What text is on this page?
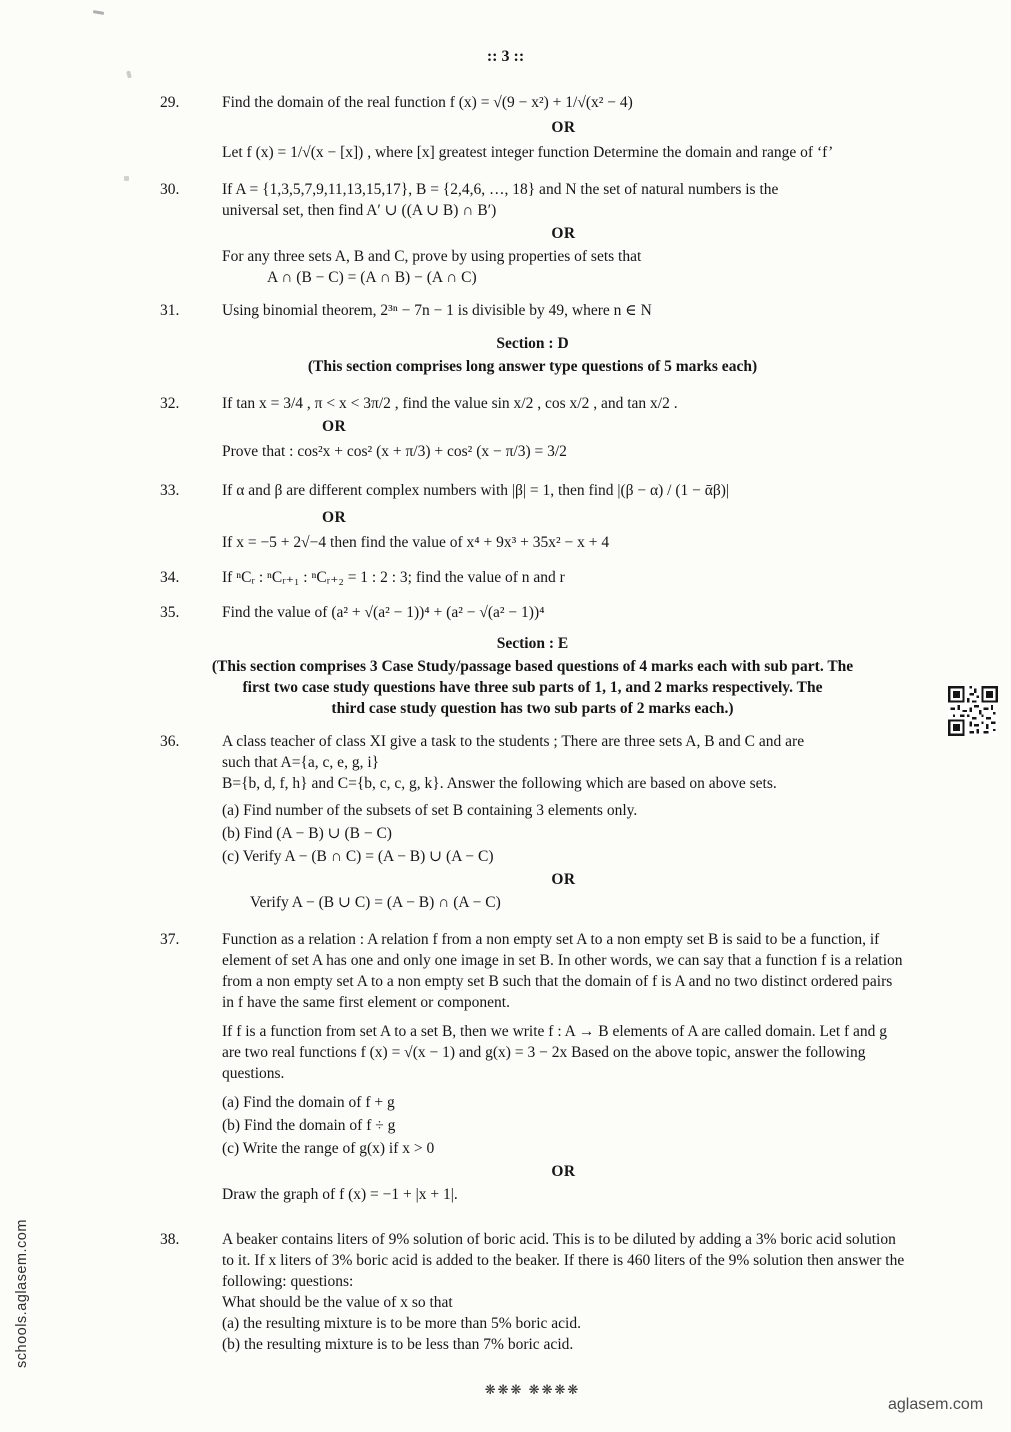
:: 3 ::
29.	Find the domain of the real function f (x) = √(9 − x²) + 1/√(x² − 4)

OR

Let f (x) = 1/√(x − [x]) , where [x] greatest integer function Determine the domain and range of ‘f’

30.	If A = {1,3,5,7,9,11,13,15,17}, B = {2,4,6, …, 18} and N the set of natural numbers is the

universal set, then find A′ ∪ ((A ∪ B) ∩ B′)

OR

For any three sets A, B and C, prove by using properties of sets that

A ∩ (B − C) = (A ∩ B) − (A ∩ C)

31.	Using binomial theorem, 2³ⁿ − 7n − 1 is divisible by 49, where n ∈ N

Section : D
(This section comprises long answer type questions of 5 marks each)
32.	If tan x = 3/4 , π < x < 3π/2 , find the value sin x/2 , cos x/2 , and tan x/2 .

OR

Prove that : cos²x + cos² (x + π/3) + cos² (x − π/3) = 3/2

33.	If α and β are different complex numbers with |β| = 1, then find |(β − α) / (1 − ᾱβ)|

OR

If x = −5 + 2√−4 then find the value of x⁴ + 9x³ + 35x² − x + 4

34.	If ⁿCᵣ : ⁿCᵣ₊₁ : ⁿCᵣ₊₂ = 1 : 2 : 3; find the value of n and r

35.	Find the value of (a² + √(a² − 1))⁴ + (a² − √(a² − 1))⁴

Section : E
(This section comprises 3 Case Study/passage based questions of 4 marks each with sub part. The
first two case study questions have three sub parts of 1, 1, and 2 marks respectively. The
third case study question has two sub parts of 2 marks each.)
36.	A class teacher of class XI give a task to the students ; There are three sets A, B and C and are

such that A={a, c, e, g, i}

B={b, d, f, h} and C={b, c, c, g, k}. Answer the following which are based on above sets.

(a) Find number of the subsets of set B containing 3 elements only.

(b) Find (A − B) ∪ (B − C)

(c) Verify A − (B ∩ C) = (A − B) ∪ (A − C)

OR

Verify A − (B ∪ C) = (A − B) ∩ (A − C)

37.	Function as a relation : A relation f from a non empty set A to a non empty set B is said to be a function, if element of set A has one and only one image in set B. In other words, we can say that a function f is a relation from a non empty set A to a non empty set B such that the domain of f is A and no two distinct ordered pairs in f have the same first element or component.

If f is a function from set A to a set B, then we write f : A → B elements of A are called domain. Let f and g are two real functions f (x) = √(x − 1) and g(x) = 3 − 2x Based on the above topic, answer the following questions.

(a) Find the domain of f + g

(b) Find the domain of f ÷ g

(c) Write the range of g(x) if x > 0

OR

Draw the graph of f (x) = −1 + |x + 1|.

38.	A beaker contains liters of 9% solution of boric acid. This is to be diluted by adding a 3% boric acid solution to it. If x liters of 3% boric acid is added to the beaker. If there is 460 liters of the 9% solution then answer the following: questions:

What should be the value of x so that

(a) the resulting mixture is to be more than 5% boric acid.

(b) the resulting mixture is to be less than 7% boric acid.

❋❋❋ ❋❋❋❋
schools.aglasem.com
aglasem.com
